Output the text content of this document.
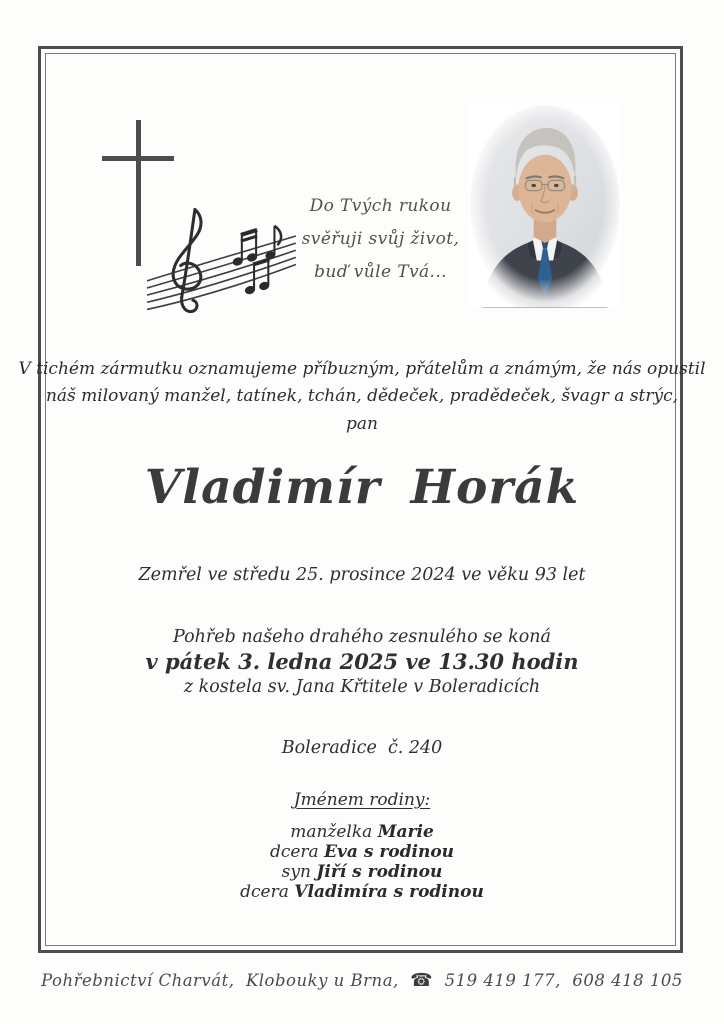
Do Tvých rukou
svěřuji svůj život,
buď vůle Tvá...
V tichém zármutku oznamujeme příbuzným, přátelům a známým, že nás opustil
náš milovaný manžel, tatínek, tchán, dědeček, pradědeček, švagr a strýc,
pan
Vladimír Horák
Zemřel ve středu 25. prosince 2024 ve věku 93 let
Pohřeb našeho drahého zesnulého se koná
v pátek 3. ledna 2025 ve 13.30 hodin
z kostela sv. Jana Křtitele v Boleradicích
Boleradice  č. 240
Jménem rodiny:
manželka Marie
dcera Eva s rodinou
syn Jiří s rodinou
dcera Vladimíra s rodinou
Pohřebnictví Charvát,  Klobouky u Brna,  ☎  519 419 177,  608 418 105
